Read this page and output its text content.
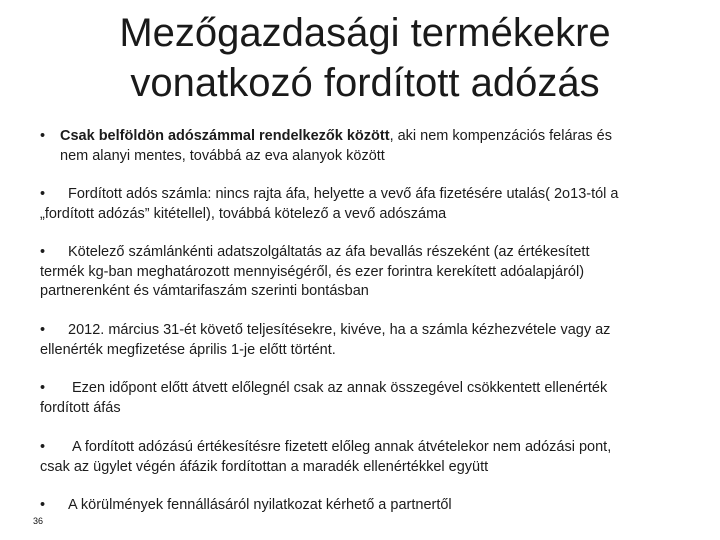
Mezőgazdasági termékekre
vonatkozó fordított adózás
•	Csak belföldön adószámmal rendelkezők között, aki nem kompenzációs feláras és
nem alanyi mentes, továbbá az eva alanyok között
• Fordított adós számla: nincs rajta áfa, helyette a vevő áfa fizetésére utalás( 2o13-tól a
„fordított adózás” kitétellel), továbbá kötelező a vevő adószáma
• Kötelező számlánkénti adatszolgáltatás az áfa bevallás részeként (az értékesített
termék kg-ban meghatározott mennyiségéről, és ezer forintra kerekített adóalapjáról)
partnerenként és vámtarifaszám szerinti bontásban
• 2012. március 31-ét követő teljesítésekre, kivéve, ha a számla kézhezvétele vagy az
ellenérték megfizetése április 1-je előtt történt.
• Ezen időpont előtt átvett előlegnél csak az annak összegével csökkentett ellenérték
fordított áfás
• A fordított adózású értékesítésre fizetett előleg annak átvételekor nem adózási pont,
csak az ügylet végén áfázik fordítottan a maradék ellenértékkel együtt
• A körülmények fennállásáról nyilatkozat kérhető a partnertől
36
